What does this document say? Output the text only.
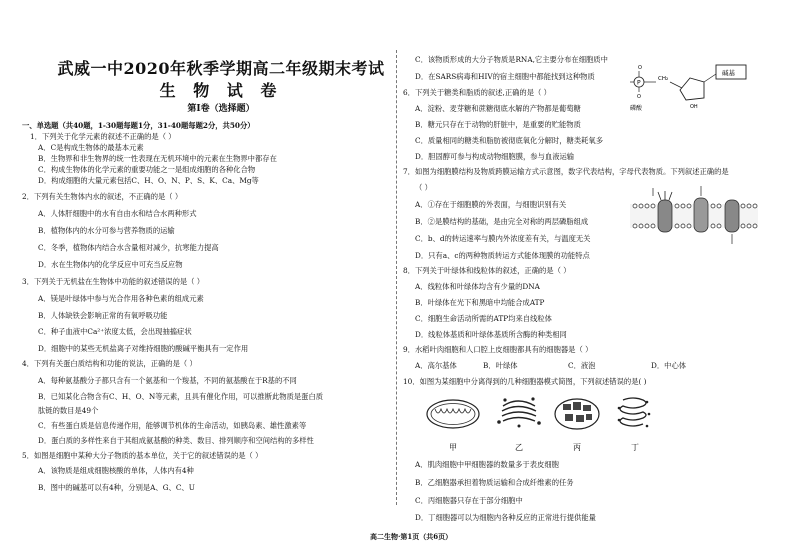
武威一中2020年秋季学期高二年级期末考试
生 物 试 卷
第Ⅰ卷（选择题）
一、单选题（共40题，1-30题每题1分，31-40题每题2分，共50分）
1．下列关于化学元素的叙述不正确的是（ ）
A．C是构成生物体的最基本元素
B．生物界和非生物界的统一性表现在无机环境中的元素在生物界中都存在
C．构成生物体的化学元素的重要功能之一是组成细胞的各种化合物
D．构成细胞的大量元素包括C、H、O、N、P、S、K、Ca、Mg等
2．下列有关生物体内水的叙述，不正确的是（ ）
A．人体肝细胞中的水有自由水和结合水两种形式
B．植物体内的水分可参与营养物质的运输
C．冬季，植物体内结合水含量相对减少，抗寒能力提高
D．水在生物体内的化学反应中可充当反应物
3．下列关于无机盐在生物体中功能的叙述错误的是（ ）
A．镁是叶绿体中参与光合作用各种色素的组成元素
B．人体缺铁会影响正常的有氧呼吸功能
C．种子血液中Ca²⁺浓度太低，会出现抽搐症状
D．细胞中的某些无机盐离子对维持细胞的酸碱平衡具有一定作用
4．下列有关蛋白质结构和功能的说法，正确的是（ ）
A．每种氨基酸分子都只含有一个氨基和一个羧基，不同的氨基酸在于R基的不同
B．已知某化合物含有C、H、O、N等元素，且具有催化作用，可以推断此物质是蛋白质
肽链的数目是49个
C．有些蛋白质是信息传递作用，能够调节机体的生命活动，如胰岛素、雄性激素等
D．蛋白质的多样性来自于其组成氨基酸的种类、数目、排列顺序和空间结构的多样性
5．如图是细胞中某种大分子物质的基本单位，关于它的叙述错误的是（ ）
A．该物质是组成细胞核酸的单体，人体内有4种
B．图中的碱基可以有4种，分别是A、G、C、U
C．该物质形成的大分子物质是RNA,它主要分布在细胞质中
D．在SARS病毒和HIV的宿主细胞中都能找到这种物质
6．下列关于糖类和脂质的叙述,正确的是（ ）
A．淀粉、麦芽糖和蔗糖彻底水解的产物都是葡萄糖
B．糖元只存在于动物的肝脏中，是重要的贮能物质
C．质量相同的糖类和脂肪被彻底氧化分解时，糖类耗氧多
D．胆固醇可参与构成动物细胞膜，参与血液运输
7．如图为细胞膜结构及物质跨膜运输方式示意图，数字代表结构，字母代表物质。下列叙述正确的是
（ ）
A．①存在于细胞膜的外表面，与细胞识别有关
B．②是膜结构的基础，是由完全对称的两层磷脂组成
C．b、d的转运速率与膜内外浓度差有关，与温度无关
D．只有a、c的两种物质转运方式能体现膜的功能特点
8．下列关于叶绿体和线粒体的叙述，正确的是（ ）
A．线粒体和叶绿体均含有少量的DNA
B．叶绿体在光下和黑暗中均能合成ATP
C．细胞生命活动所需的ATP均来自线粒体
D．线粒体基质和叶绿体基质所含酶的种类相同
9．水稻叶肉细胞和人口腔上皮细胞都具有的细胞器是（ ）
A．高尔基体	B．叶绿体	C．液泡	D．中心体
10．如图为某细胞中分离得到的几种细胞器模式简图，下列叙述错误的是( )
甲	乙	丙	丁
A．肌肉细胞中甲细胞器的数量多于表皮细胞
B．乙细胞器承担着物质运输和合成纤维素的任务
C．丙细胞器只存在于部分细胞中
D．丁细胞器可以为细胞内各种反应的正常进行提供能量
O
P
O
磷酸
CH₂
OH
碱基
高二生物·第1页（共6页）
